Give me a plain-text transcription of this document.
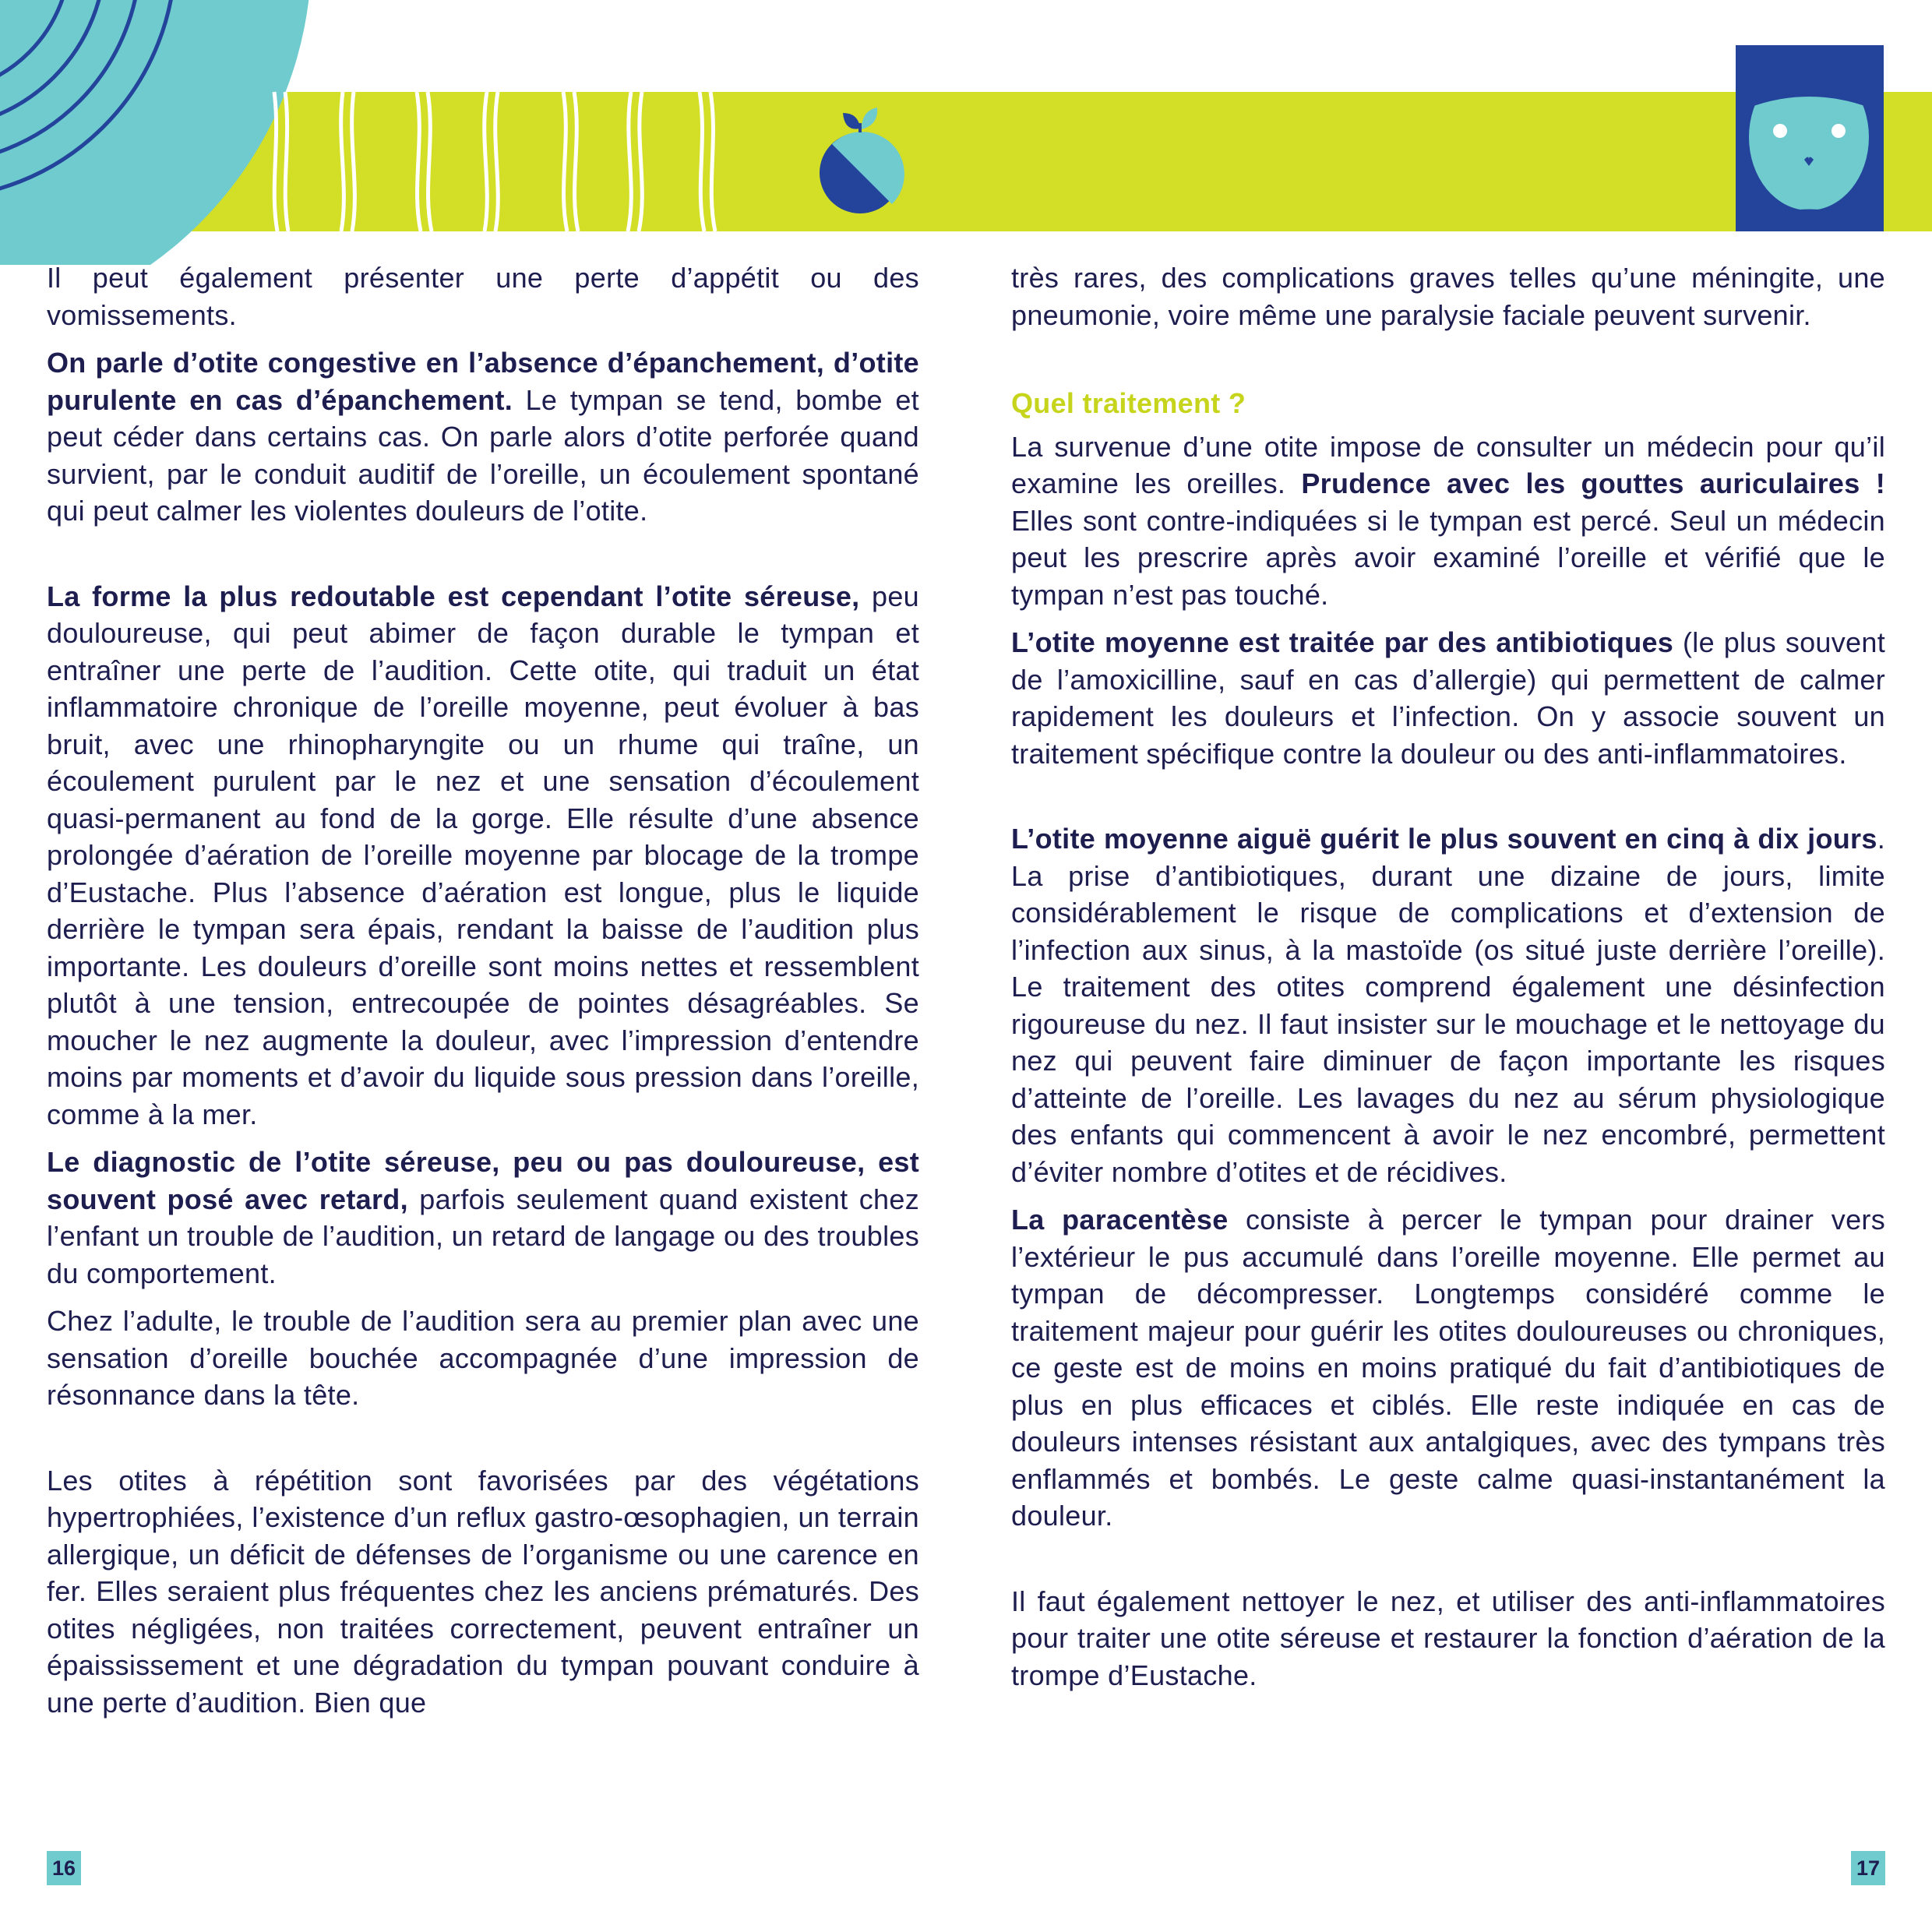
Il peut également présenter une perte d’appétit ou des vomissements.

On parle d’otite congestive en l’absence d’épanchement, d’otite purulente en cas d’épanchement. Le tympan se tend, bombe et peut céder dans certains cas. On parle alors d’otite perforée quand survient, par le conduit auditif de l’oreille, un écoulement spontané qui peut calmer les violentes douleurs de l’otite.

La forme la plus redoutable est cependant l’otite séreuse, peu douloureuse, qui peut abimer de façon durable le tympan et entraîner une perte de l’audition. Cette otite, qui traduit un état inflammatoire chronique de l’oreille moyenne, peut évoluer à bas bruit, avec une rhinopharyngite ou un rhume qui traîne, un écoulement purulent par le nez et une sensation d’écoulement quasi-permanent au fond de la gorge. Elle résulte d’une absence prolongée d’aération de l’oreille moyenne par blocage de la trompe d’Eustache. Plus l’absence d’aération est longue, plus le liquide derrière le tympan sera épais, rendant la baisse de l’audition plus importante. Les douleurs d’oreille sont moins nettes et ressemblent plutôt à une tension, entrecoupée de pointes désagréables. Se moucher le nez augmente la douleur, avec l’impression d’entendre moins par moments et d’avoir du liquide sous pression dans l’oreille, comme à la mer.

Le diagnostic de l’otite séreuse, peu ou pas douloureuse, est souvent posé avec retard, parfois seulement quand existent chez l’enfant un trouble de l’audition, un retard de langage ou des troubles du comportement.

Chez l’adulte, le trouble de l’audition sera au premier plan avec une sensation d’oreille bouchée accompagnée d’une impression de résonnance dans la tête.

Les otites à répétition sont favorisées par des végétations hypertrophiées, l’existence d’un reflux gastro-œsophagien, un terrain allergique, un déficit de défenses de l’organisme ou une carence en fer. Elles seraient plus fréquentes chez les anciens prématurés. Des otites négligées, non traitées correctement, peuvent entraîner un épaississement et une dégradation du tympan pouvant conduire à une perte d’audition. Bien que

très rares, des complications graves telles qu’une méningite, une pneumonie, voire même une paralysie faciale peuvent survenir.

Quel traitement ?

La survenue d’une otite impose de consulter un médecin pour qu’il examine les oreilles. Prudence avec les gouttes auriculaires ! Elles sont contre-indiquées si le tympan est percé. Seul un médecin peut les prescrire après avoir examiné l’oreille et vérifié que le tympan n’est pas touché.

L’otite moyenne est traitée par des antibiotiques (le plus souvent de l’amoxicilline, sauf en cas d’allergie) qui permettent de calmer rapidement les douleurs et l’infection. On y associe souvent un traitement spécifique contre la douleur ou des anti-inflammatoires.

L’otite moyenne aiguë guérit le plus souvent en cinq à dix jours. La prise d’antibiotiques, durant une dizaine de jours, limite considérablement le risque de complications et d’extension de l’infection aux sinus, à la mastoïde (os situé juste derrière l’oreille). Le traitement des otites comprend également une désinfection rigoureuse du nez. Il faut insister sur le mouchage et le nettoyage du nez qui peuvent faire diminuer de façon importante les risques d’atteinte de l’oreille. Les lavages du nez au sérum physiologique des enfants qui commencent à avoir le nez encombré, permettent d’éviter nombre d’otites et de récidives.

La paracentèse consiste à percer le tympan pour drainer vers l’extérieur le pus accumulé dans l’oreille moyenne. Elle permet au tympan de décompresser. Longtemps considéré comme le traitement majeur pour guérir les otites douloureuses ou chroniques, ce geste est de moins en moins pratiqué du fait d’antibiotiques de plus en plus efficaces et ciblés. Elle reste indiquée en cas de douleurs intenses résistant aux antalgiques, avec des tympans très enflammés et bombés. Le geste calme quasi-instantanément la douleur.

Il faut également nettoyer le nez, et utiliser des anti-inflammatoires pour traiter une otite séreuse et restaurer la fonction d’aération de la trompe d’Eustache.

16	17
